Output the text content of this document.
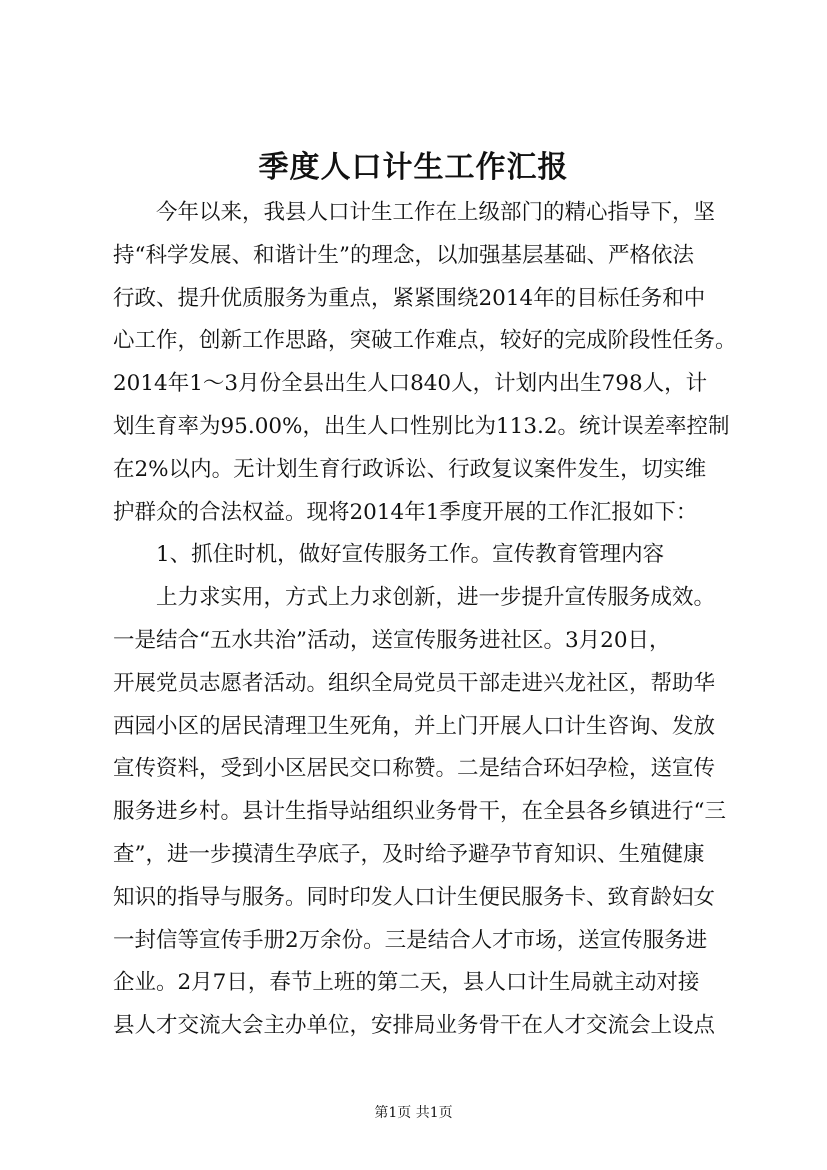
季度人口计生工作汇报
今年以来，我县人口计生工作在上级部门的精心指导下，坚
持“科学发展、和谐计生”的理念，以加强基层基础、严格依法
行政、提升优质服务为重点，紧紧围绕2014年的目标任务和中
心工作，创新工作思路，突破工作难点，较好的完成阶段性任务。
2014年1～3月份全县出生人口840人，计划内出生798人，计
划生育率为95.00%，出生人口性别比为113.2。统计误差率控制
在2%以内。无计划生育行政诉讼、行政复议案件发生，切实维
护群众的合法权益。现将2014年1季度开展的工作汇报如下：
1、抓住时机，做好宣传服务工作。宣传教育管理内容
上力求实用，方式上力求创新，进一步提升宣传服务成效。
一是结合“五水共治”活动，送宣传服务进社区。3月20日，
开展党员志愿者活动。组织全局党员干部走进兴龙社区，帮助华
西园小区的居民清理卫生死角，并上门开展人口计生咨询、发放
宣传资料，受到小区居民交口称赞。二是结合环妇孕检，送宣传
服务进乡村。县计生指导站组织业务骨干，在全县各乡镇进行“三
查”，进一步摸清生孕底子，及时给予避孕节育知识、生殖健康
知识的指导与服务。同时印发人口计生便民服务卡、致育龄妇女
一封信等宣传手册2万余份。三是结合人才市场，送宣传服务进
企业。2月7日，春节上班的第二天，县人口计生局就主动对接
县人才交流大会主办单位，安排局业务骨干在人才交流会上设点
第1页 共1页
